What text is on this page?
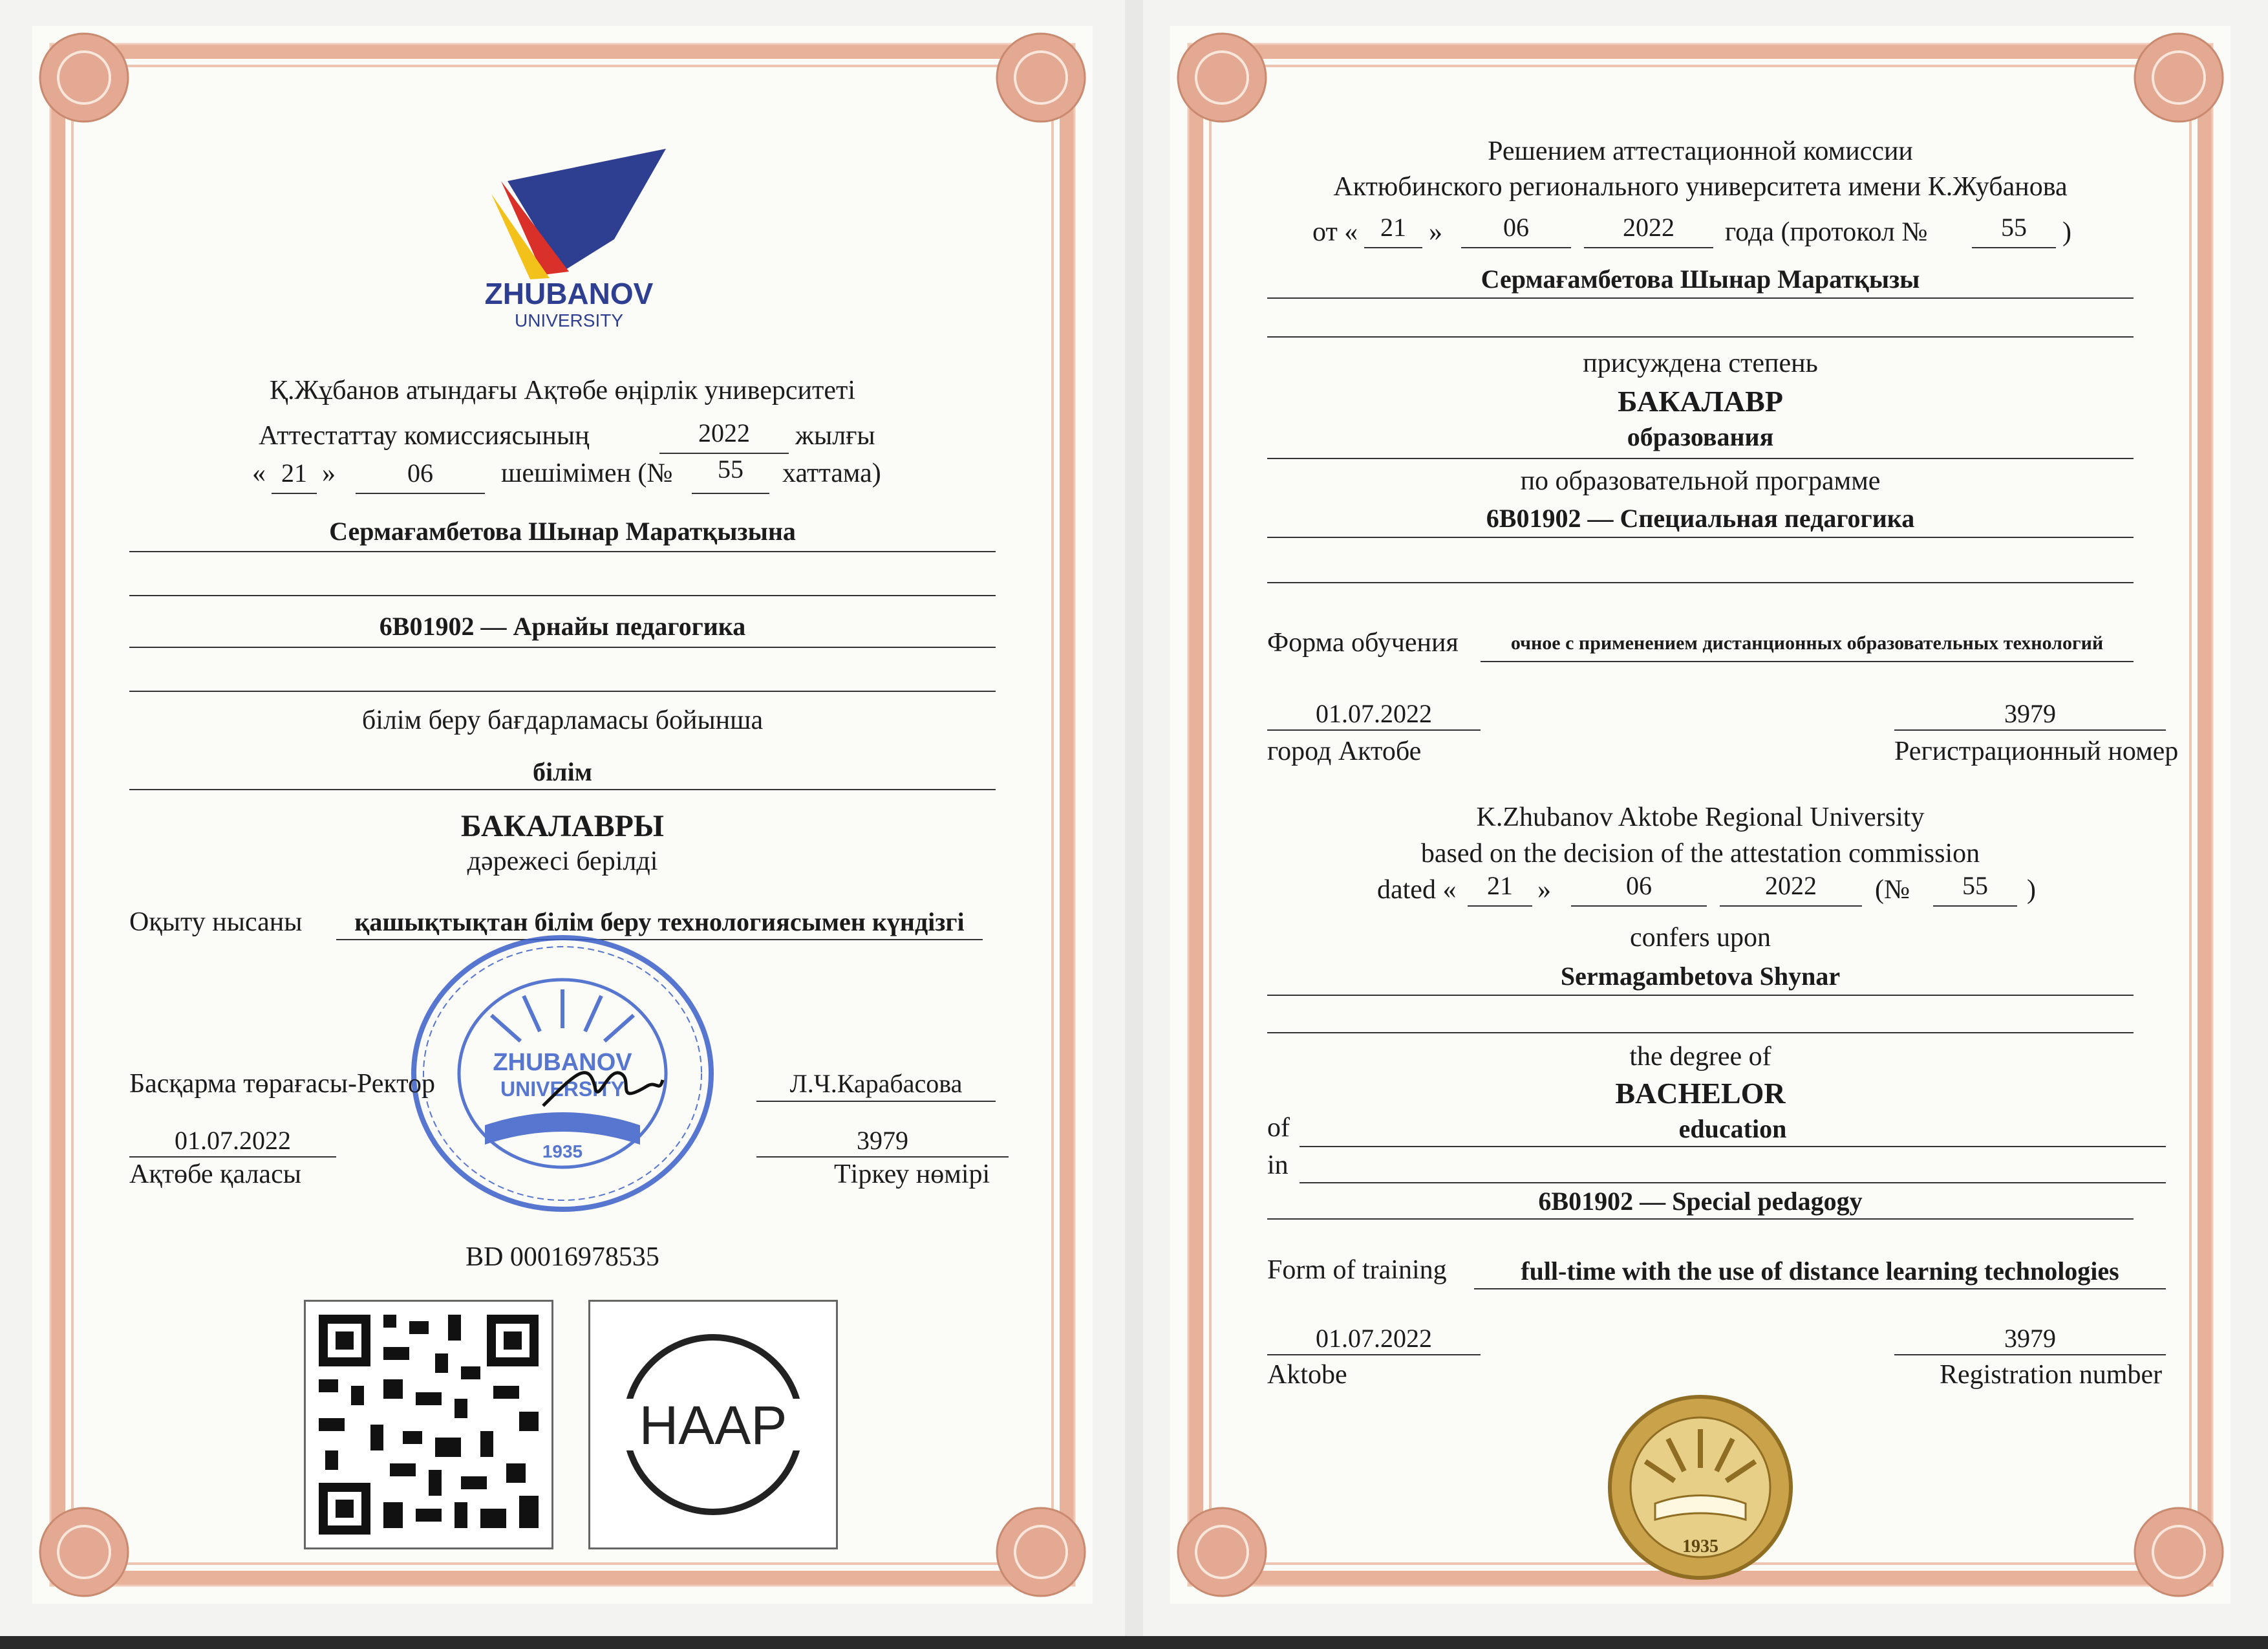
ZHUBANOV
UNIVERSITY
Қ.Жұбанов атындағы Ақтөбе өңірлік университеті
Аттестаттау комиссиясының	2022	жылғы
« 21 »	06	шешімімен (№	55	хаттама)
Сермағамбетова Шынар Маратқызына
6B01902 — Арнайы педагогика
білім беру бағдарламасы бойынша
білім
БАКАЛАВРЫ
дәрежесі берілді
Оқыту нысаны	қашықтықтан білім беру технологиясымен күндізгі
ZHUBANOV
UNIVERSITY
1935
Басқарма төрағасы-Ректор	Л.Ч.Карабасова
01.07.2022
Ақтөбе қаласы
3979
Тіркеу нөмірі
BD 00016978535
ΗΑΑΡ
Решением аттестационной комиссии
Актюбинского регионального университета имени К.Жубанова
от « 21 »	06	2022	года (протокол №	55	)
Сермағамбетова Шынар Маратқызы
присуждена степень
БАКАЛАВР
образования
по образовательной программе
6B01902 — Специальная педагогика
Форма обучения	очное с применением дистанционных образовательных технологий
01.07.2022
город Актобе
3979
Регистрационный номер
K.Zhubanov Aktobe Regional University
based on the decision of the attestation commission
dated «	21 »	06	2022	(№	55	)
confers upon
Sermagambetova Shynar
the degree of
BACHELOR
of	education
in
6B01902 — Special pedagogy
Form of training	full-time with the use of distance learning technologies
01.07.2022
Aktobe
3979
Registration number
1935
